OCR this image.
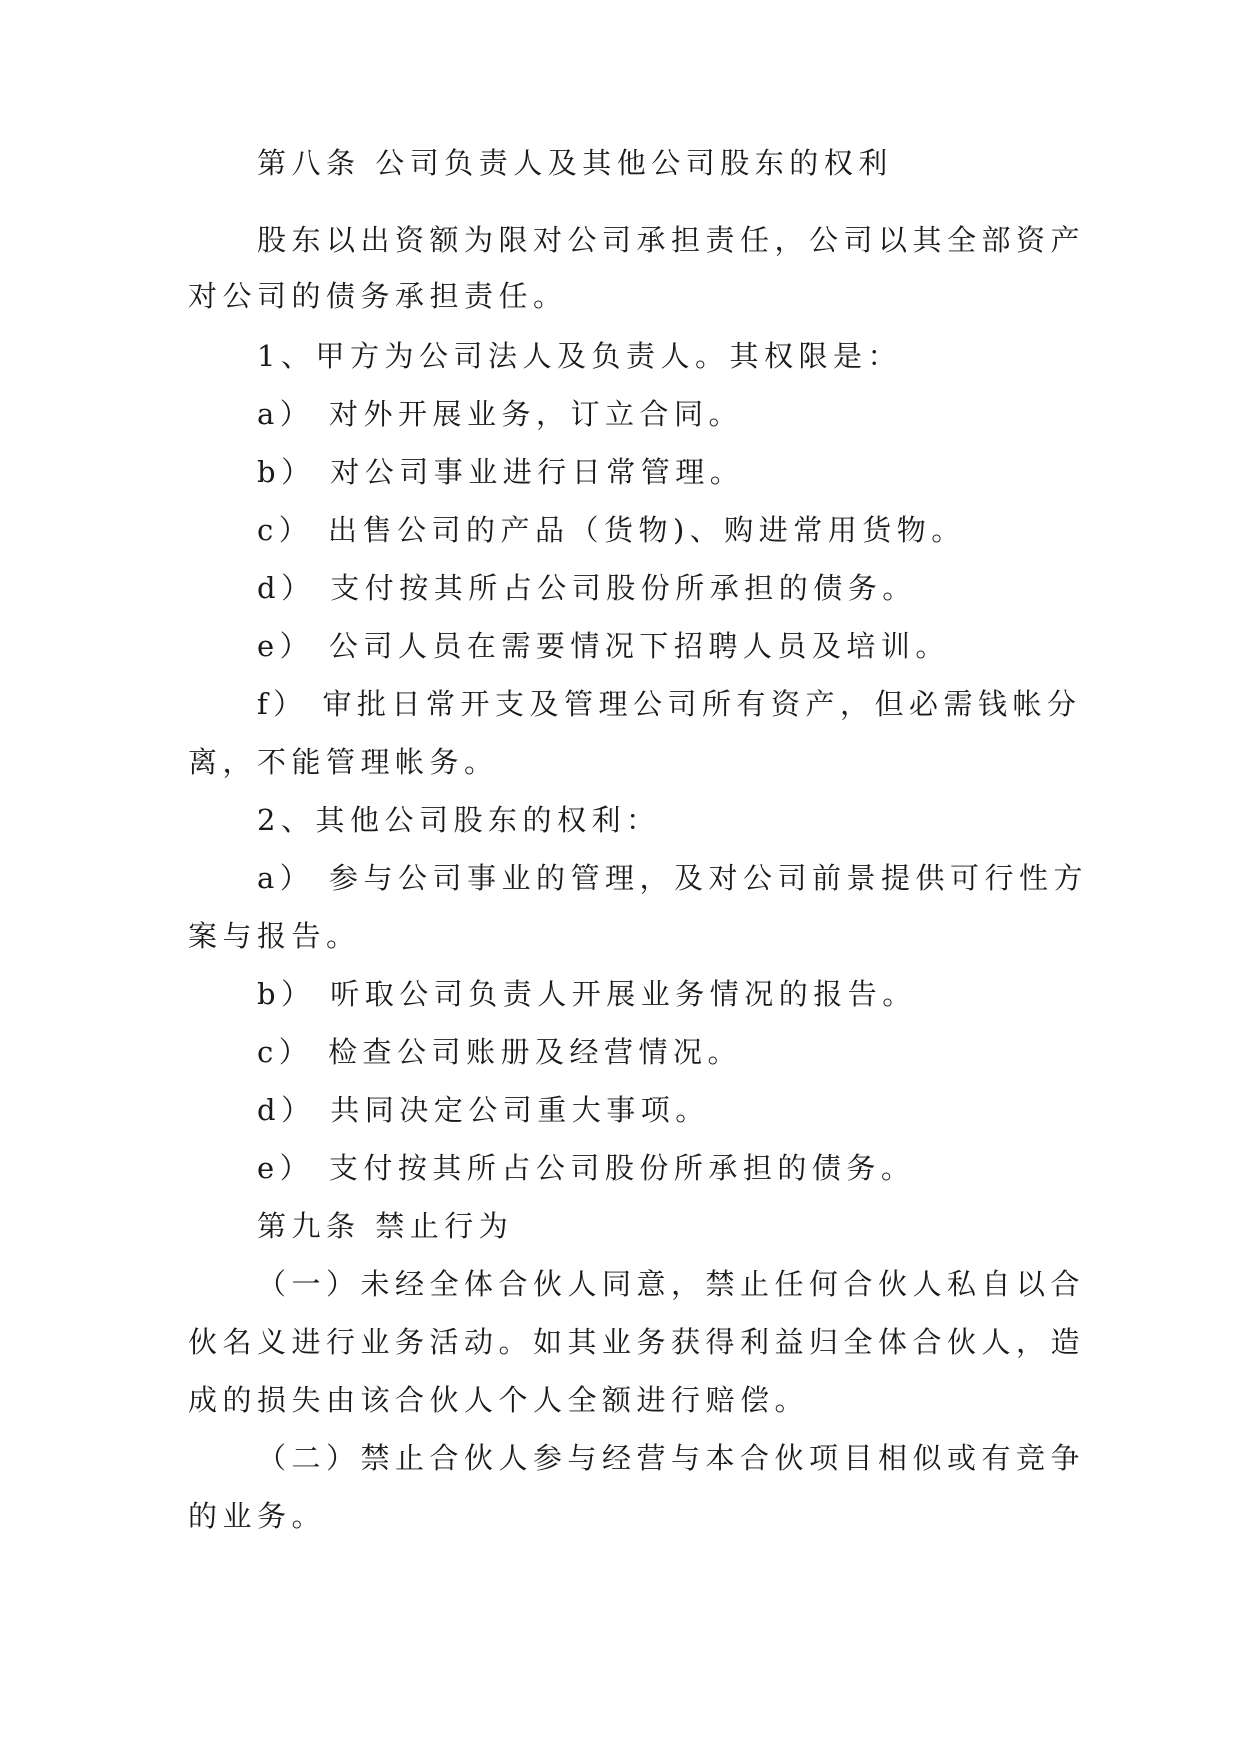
第八条 公司负责人及其他公司股东的权利
股东以出资额为限对公司承担责任，公司以其全部资产
对公司的债务承担责任。
1、甲方为公司法人及负责人。其权限是：
a） 对外开展业务，订立合同。
b） 对公司事业进行日常管理。
c） 出售公司的产品（货物)、购进常用货物。
d） 支付按其所占公司股份所承担的债务。
e） 公司人员在需要情况下招聘人员及培训。
f） 审批日常开支及管理公司所有资产，但必需钱帐分
离，不能管理帐务。
2、其他公司股东的权利：
a） 参与公司事业的管理，及对公司前景提供可行性方
案与报告。
b） 听取公司负责人开展业务情况的报告。
c） 检查公司账册及经营情况。
d） 共同决定公司重大事项。
e） 支付按其所占公司股份所承担的债务。
第九条 禁止行为
（一）未经全体合伙人同意，禁止任何合伙人私自以合
伙名义进行业务活动。如其业务获得利益归全体合伙人，造
成的损失由该合伙人个人全额进行赔偿。
（二）禁止合伙人参与经营与本合伙项目相似或有竞争
的业务。
